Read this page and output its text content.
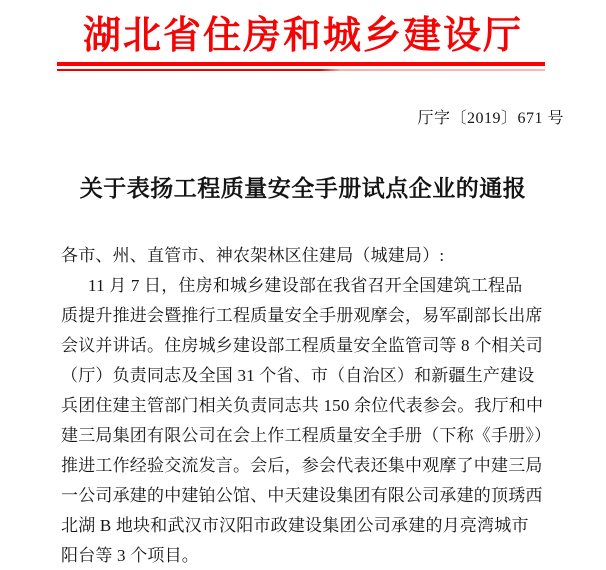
湖北省住房和城乡建设厅
厅字〔2019〕671 号
关于表扬工程质量安全手册试点企业的通报
各市、州、直管市、神农架林区住建局（城建局）:
11 月 7 日，住房和城乡建设部在我省召开全国建筑工程品
质提升推进会暨推行工程质量安全手册观摩会，易军副部长出席
会议并讲话。住房城乡建设部工程质量安全监管司等 8 个相关司
（厅）负责同志及全国 31 个省、市（自治区）和新疆生产建设
兵团住建主管部门相关负责同志共 150 余位代表参会。我厅和中
建三局集团有限公司在会上作工程质量安全手册（下称《手册》）
推进工作经验交流发言。会后，参会代表还集中观摩了中建三局
一公司承建的中建铂公馆、中天建设集团有限公司承建的顶琇西
北湖 B 地块和武汉市汉阳市政建设集团公司承建的月亮湾城市
阳台等 3 个项目。
